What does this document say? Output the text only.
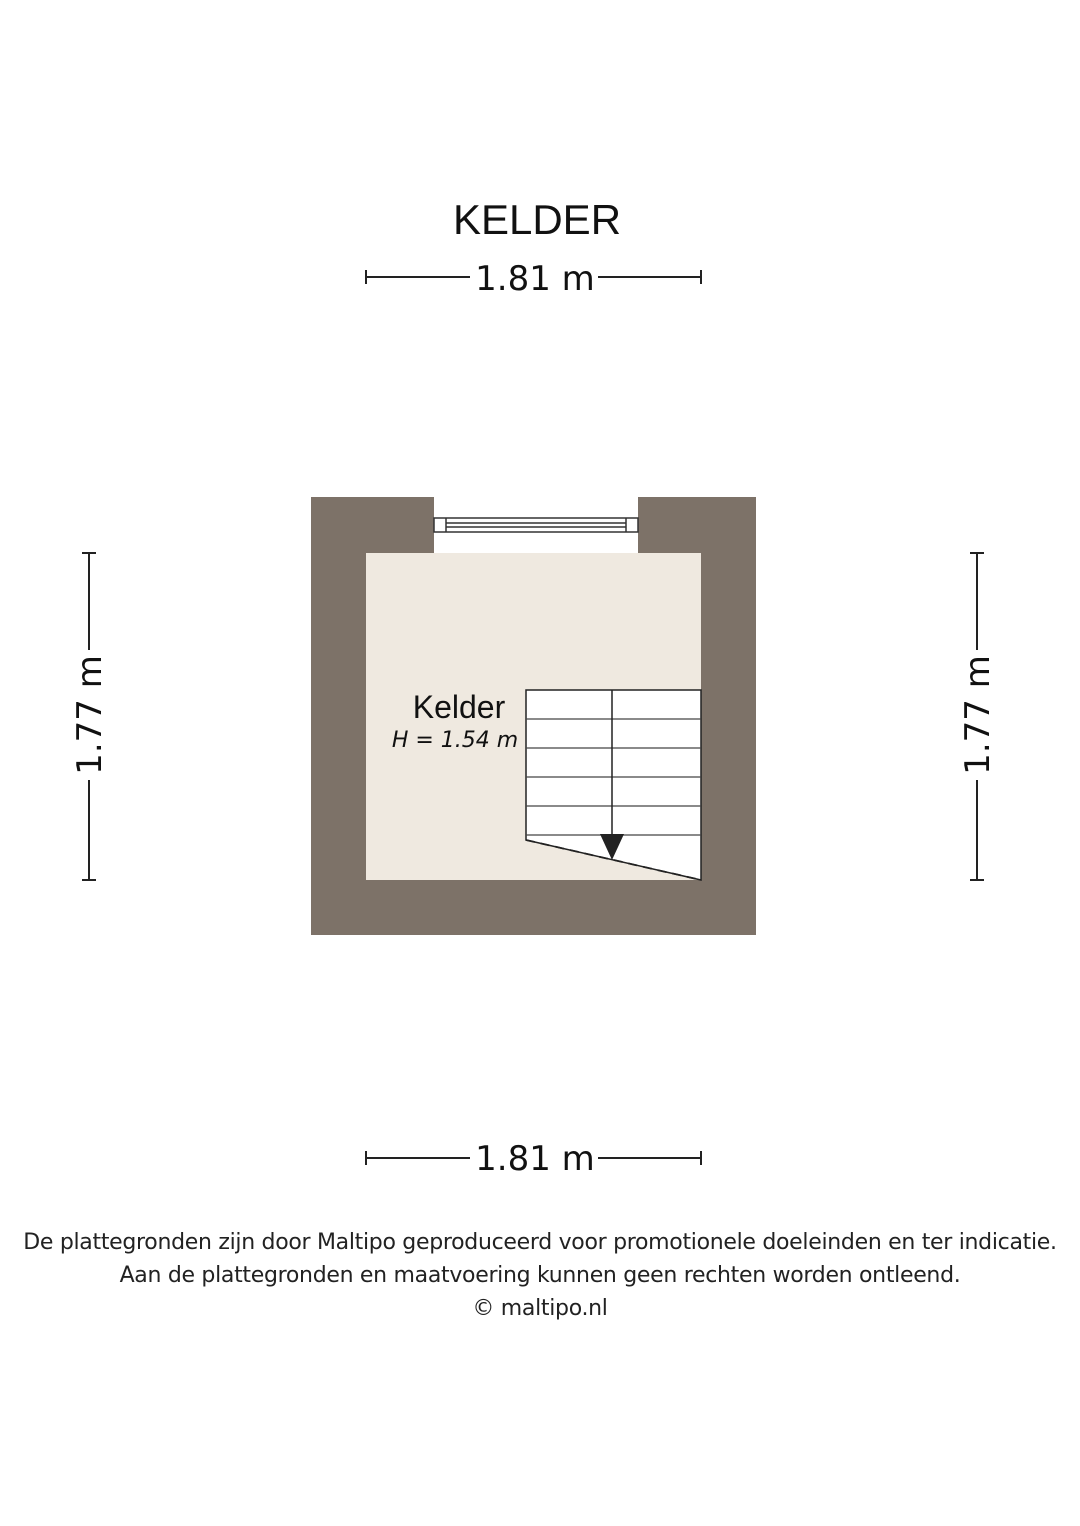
KELDER
1.81 m
Kelder
H = 1.54 m
1.77 m	1.77 m
1.81 m
De plattegronden zijn door Maltipo geproduceerd voor promotionele doeleinden en ter indicatie.
Aan de plattegronden en maatvoering kunnen geen rechten worden ontleend.
© maltipo.nl
